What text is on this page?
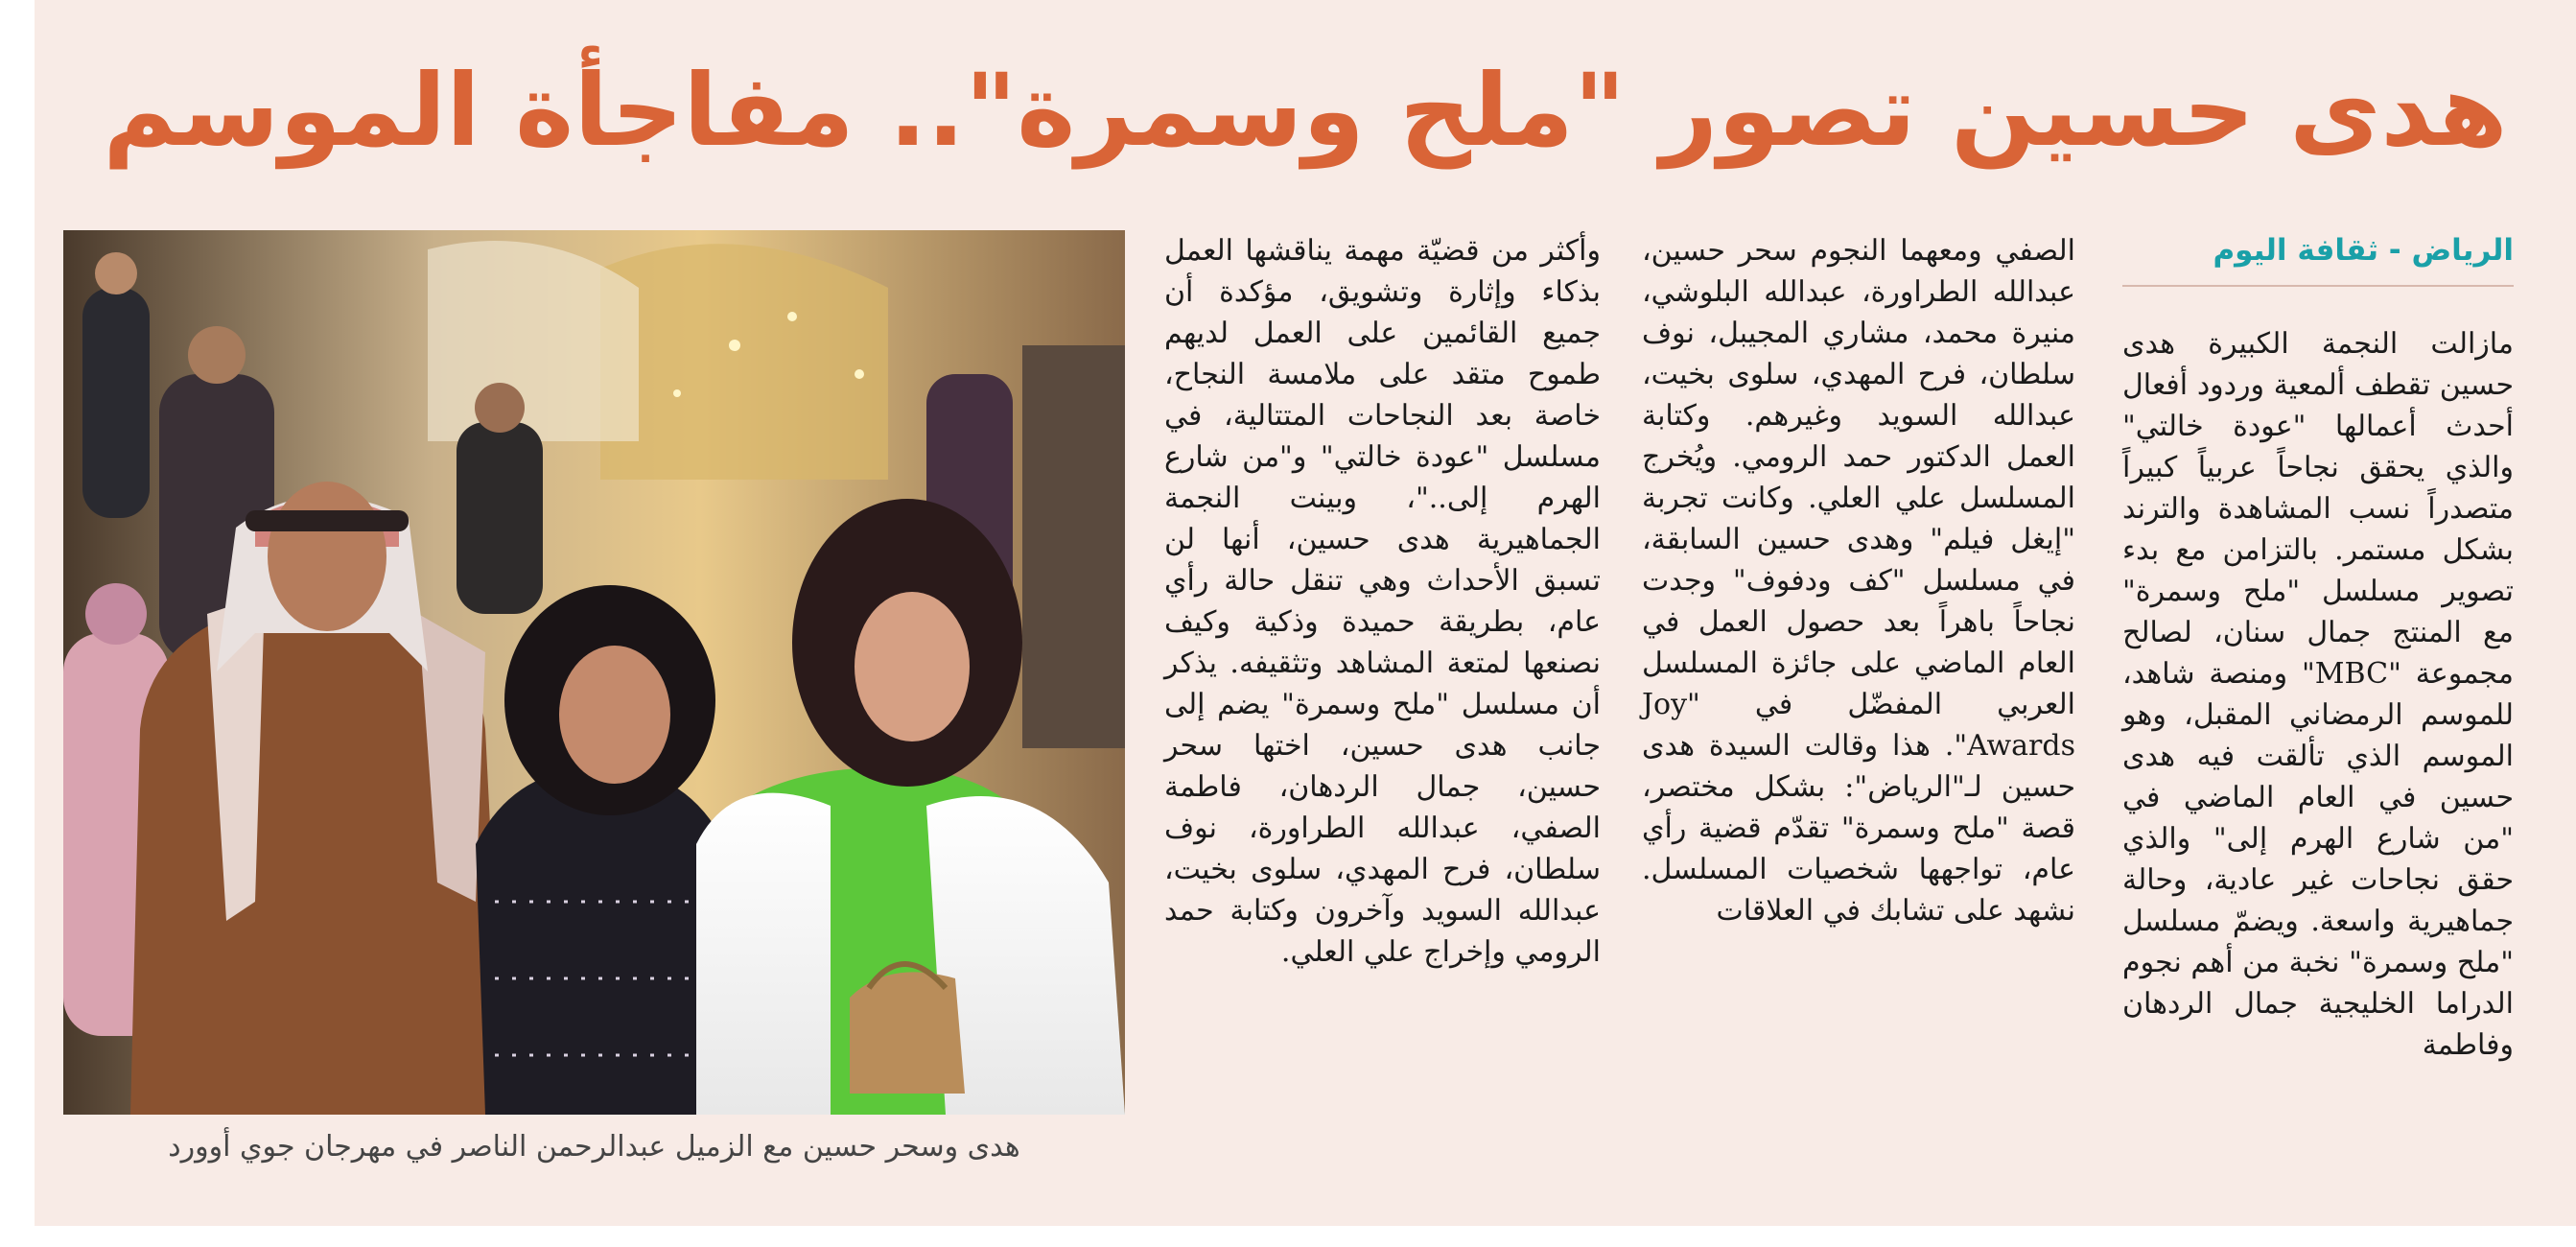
هدى حسين تصور "ملح وسمرة".. مفاجأة الموسم
الرياض - ثقافة اليوم

مازالت النجمة الكبيرة هدى حسين تقطف ألمعية وردود أفعال أحدث أعمالها "عودة خالتي" والذي يحقق نجاحاً عربياً كبيراً متصدراً نسب المشاهدة والترند بشكل مستمر. بالتزامن مع بدء تصوير مسلسل "ملح وسمرة" مع المنتج جمال سنان، لصالح مجموعة "MBC" ومنصة شاهد، للموسم الرمضاني المقبل، وهو الموسم الذي تألقت فيه هدى حسين في العام الماضي في "من شارع الهرم إلى" والذي حقق نجاحات غير عادية، وحالة جماهيرية واسعة. ويضمّ مسلسل "ملح وسمرة" نخبة من أهم نجوم الدراما الخليجية جمال الردهان وفاطمة

الصفي ومعهما النجوم سحر حسين، عبدالله الطراورة، عبدالله البلوشي، منيرة محمد، مشاري المجيبل، نوف سلطان، فرح المهدي، سلوى بخيت، عبدالله السويد وغيرهم. وكتابة العمل الدكتور حمد الرومي. ويُخرج المسلسل علي العلي. وكانت تجربة "إيغل فيلم" وهدى حسين السابقة، في مسلسل "كف ودفوف" وجدت نجاحاً باهراً بعد حصول العمل في العام الماضي على جائزة المسلسل العربي المفضّل في "Joy Awards". هذا وقالت السيدة هدى حسين لـ"الرياض": بشكل مختصر، قصة "ملح وسمرة" تقدّم قضية رأي عام، تواجهها شخصيات المسلسل. نشهد على تشابك في العلاقات

وأكثر من قضيّة مهمة يناقشها العمل بذكاء وإثارة وتشويق، مؤكدة أن جميع القائمين على العمل لديهم طموح متقد على ملامسة النجاح، خاصة بعد النجاحات المتتالية، في مسلسل "عودة خالتي" و"من شارع الهرم إلى.."، وبينت النجمة الجماهيرية هدى حسين، أنها لن تسبق الأحداث وهي تنقل حالة رأي عام، بطريقة حميدة وذكية وكيف نصنعها لمتعة المشاهد وتثقيفه. يذكر أن مسلسل "ملح وسمرة" يضم إلى جانب هدى حسين، اختها سحر حسين، جمال الردهان، فاطمة الصفي، عبدالله الطراورة، نوف سلطان، فرح المهدي، سلوى بخيت، عبدالله السويد وآخرون وكتابة حمد الرومي وإخراج علي العلي.

هدى وسحر حسين مع الزميل عبدالرحمن الناصر في مهرجان جوي أوورد
